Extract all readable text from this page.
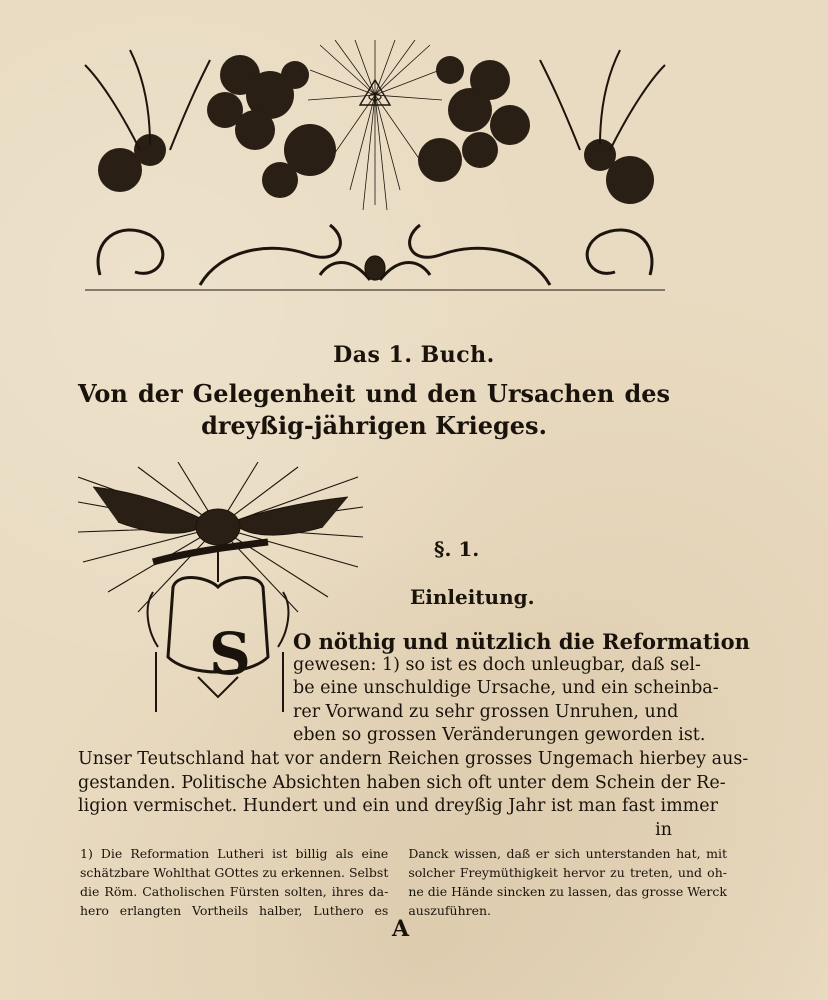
Das 1. Buch.
Von der Gelegenheit und den Ursachen des dreyßig-jährigen Krieges.
S
§. 1.
Einleitung.
O nöthig und nützlich die Reformation
gewesen: 1) so ist es doch unleugbar, daß sel-
be eine unschuldige Ursache, und ein scheinba-
rer Vorwand zu sehr grossen Unruhen, und
eben so grossen Veränderungen geworden ist.
Unser Teutschland hat vor andern Reichen grosses Ungemach hierbey aus-
gestanden. Politische Absichten haben sich oft unter dem Schein der Re-
ligion vermischet. Hundert und ein und dreyßig Jahr ist man fast immer
in
1) Die Reformation Lutheri ist billig als eine
schätzbare Wohlthat GOttes zu erkennen. Selbst
die Röm. Catholischen Fürsten solten, ihres da-
hero erlangten Vortheils halber, Luthero es
Danck wissen, daß er sich unterstanden hat, mit
solcher Freymüthigkeit hervor zu treten, und oh-
ne die Hände sincken zu lassen, das grosse Werck
auszuführen.
A
